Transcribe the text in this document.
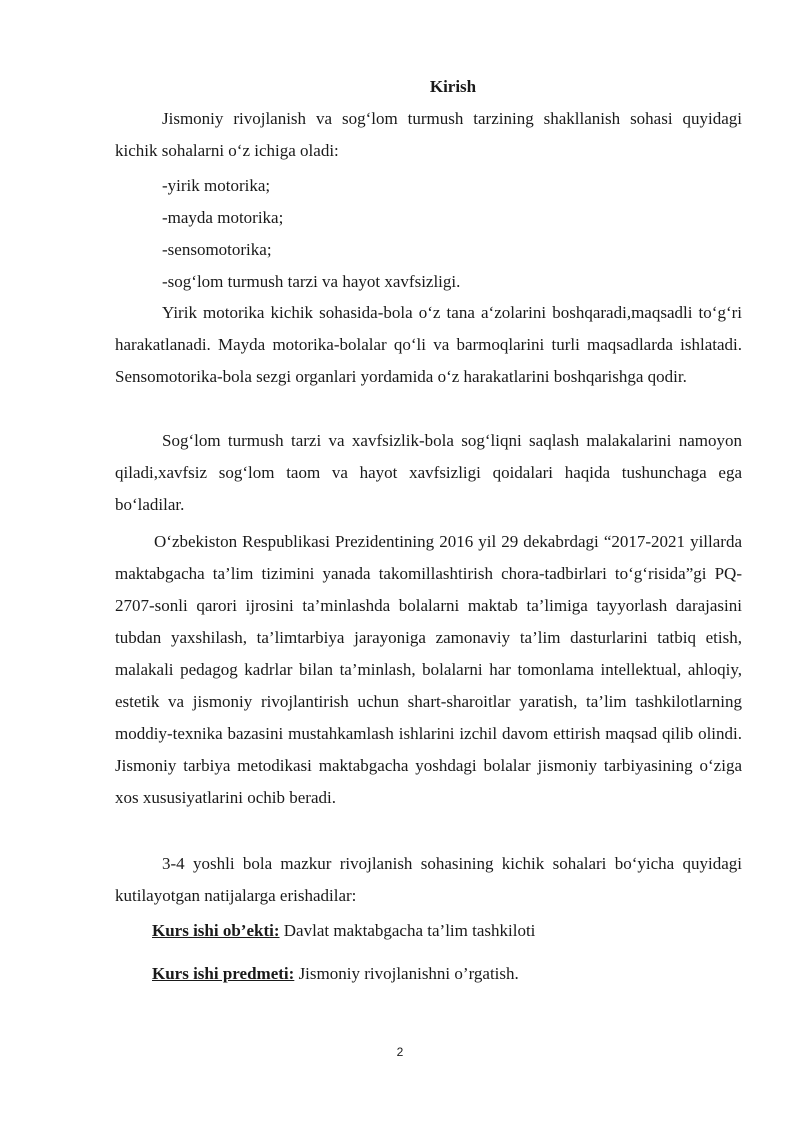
Kirish

Jismoniy rivojlanish va sog‘lom turmush tarzining shakllanish sohasi quyidagi kichik sohalarni o‘z ichiga oladi:

-yirik motorika;
-mayda motorika;
-sensomotorika;
-sog‘lom turmush tarzi va hayot xavfsizligi.

Yirik motorika kichik sohasida-bola o‘z tana a‘zolarini boshqaradi,maqsadli to‘g‘ri harakatlanadi. Mayda motorika-bolalar qo‘li va barmoqlarini turli maqsadlarda ishlatadi. Sensomotorika-bola sezgi organlari yordamida o‘z harakatlarini boshqarishga qodir.

Sog‘lom turmush tarzi va xavfsizlik-bola sog‘liqni saqlash malakalarini namoyon qiladi,xavfsiz sog‘lom taom va hayot xavfsizligi qoidalari haqida tushunchaga ega bo‘ladilar.

O‘zbekiston Respublikasi Prezidentining 2016 yil 29 dekabrdagi “2017-2021 yillarda maktabgacha ta’lim tizimini yanada takomillashtirish chora-tadbirlari to‘g‘risida”gi PQ-2707-sonli qarori ijrosini ta’minlashda bolalarni maktab ta’limiga tayyorlash darajasini tubdan yaxshilash, ta’limtarbiya jarayoniga zamonaviy ta’lim dasturlarini tatbiq etish, malakali pedagog kadrlar bilan ta’minlash, bolalarni har tomonlama intellektual, ahloqiy, estetik va jismoniy rivojlantirish uchun shart-sharoitlar yaratish, ta’lim tashkilotlarning moddiy-texnika bazasini mustahkamlash ishlarini izchil davom ettirish maqsad qilib olindi. Jismoniy tarbiya metodikasi maktabgacha yoshdagi bolalar jismoniy tarbiyasining o‘ziga xos xususiyatlarini ochib beradi.

3-4 yoshli bola mazkur rivojlanish sohasining kichik sohalari bo‘yicha quyidagi kutilayotgan natijalarga erishadilar:

Kurs ishi ob’ekti: Davlat maktabgacha ta’lim tashkiloti
Kurs ishi predmeti: Jismoniy rivojlanishni o’rgatish.
2
